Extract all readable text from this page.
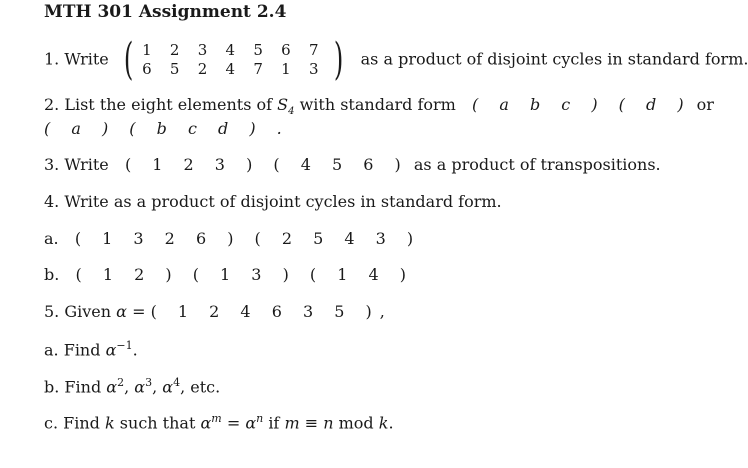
MTH 301 Assignment 2.4
1. Write ( 1 2 3 4 5 6 7
6 5 2 4 7 1 3 ) as a product of disjoint cycles in standard form.
2. List the eight elements of $S_4$ with standard form ( a b c ) ( d ) or
( a ) ( b c d ) .
3. Write ( 1 2 3 ) ( 4 5 6 ) as a product of transpositions.
4. Write as a product of disjoint cycles in standard form.
a. ( 1 3 2 6 ) ( 2 5 4 3 )
b. ( 1 2 ) ( 1 3 ) ( 1 4 )
5. Given α = ( 1 2 4 6 3 5 ),
a. Find $\alpha^{-1}$.
b. Find $\alpha^2$, $\alpha^3$, $\alpha^4$, etc.
c. Find k such that $\alpha^m = \alpha^n$ if m ≡ n mod k.
